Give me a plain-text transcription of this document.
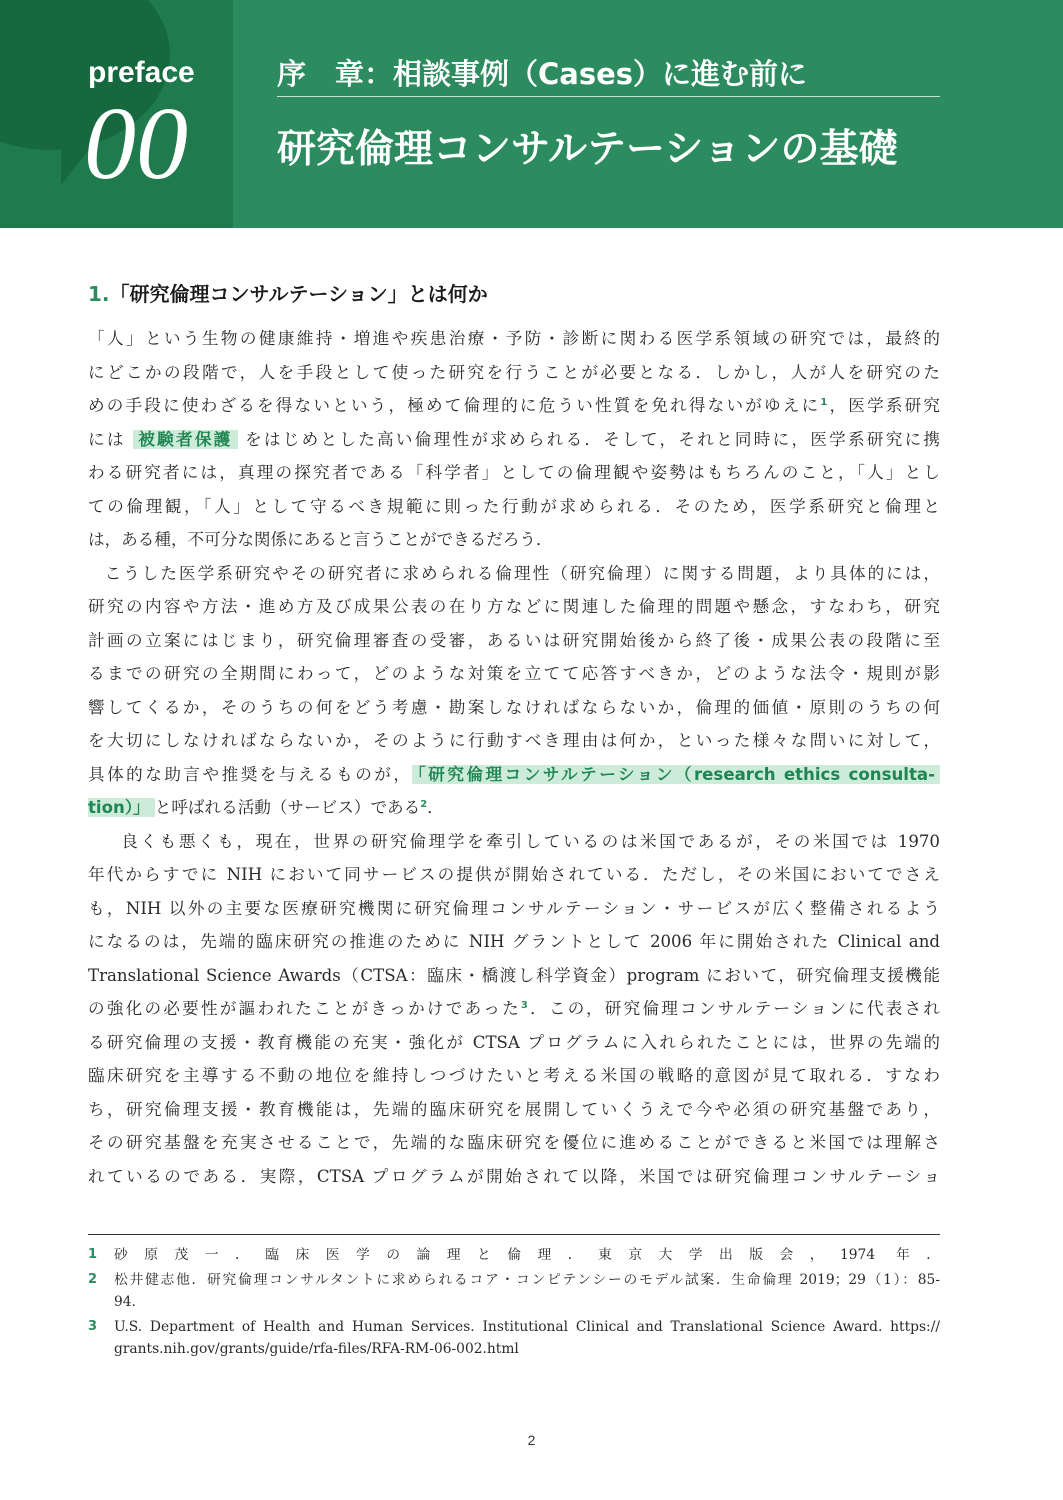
preface
00
序　章：相談事例（Cases）に進む前に
研究倫理コンサルテーションの基礎
1.「研究倫理コンサルテーション」とは何か
「人」という生物の健康維持・増進や疾患治療・予防・診断に関わる医学系領域の研究では，最終的
にどこかの段階で，人を手段として使った研究を行うことが必要となる．しかし，人が人を研究のた
めの手段に使わざるを得ないという，極めて倫理的に危うい性質を免れ得ないがゆえに$^1$，医学系研究
には 被験者保護 をはじめとした高い倫理性が求められる．そして，それと同時に，医学系研究に携
わる研究者には，真理の探究者である「科学者」としての倫理観や姿勢はもちろんのこと，「人」とし
ての倫理観，「人」として守るべき規範に則った行動が求められる．そのため，医学系研究と倫理と
は，ある種，不可分な関係にあると言うことができるだろう．
こうした医学系研究やその研究者に求められる倫理性（研究倫理）に関する問題，より具体的には，
研究の内容や方法・進め方及び成果公表の在り方などに関連した倫理的問題や懸念，すなわち，研究
計画の立案にはじまり，研究倫理審査の受審，あるいは研究開始後から終了後・成果公表の段階に至
るまでの研究の全期間にわって，どのような対策を立てて応答すべきか，どのような法令・規則が影
響してくるか，そのうちの何をどう考慮・勘案しなければならないか，倫理的価値・原則のうちの何
を大切にしなければならないか，そのように行動すべき理由は何か，といった様々な問いに対して，
具体的な助言や推奨を与えるものが， 「研究倫理コンサルテーション（research ethics consulta-
tion）」 と呼ばれる活動（サービス）である$^2$．
良くも悪くも，現在，世界の研究倫理学を牽引しているのは米国であるが，その米国では 1970
年代からすでに NIH において同サービスの提供が開始されている．ただし，その米国においてでさえ
も，NIH 以外の主要な医療研究機関に研究倫理コンサルテーション・サービスが広く整備されるよう
になるのは，先端的臨床研究の推進のために NIH グラントとして 2006 年に開始された Clinical and
Translational Science Awards（CTSA：臨床・橋渡し科学資金）program において，研究倫理支援機能
の強化の必要性が謳われたことがきっかけであった$^3$．この，研究倫理コンサルテーションに代表され
る研究倫理の支援・教育機能の充実・強化が CTSA プログラムに入れられたことには，世界の先端的
臨床研究を主導する不動の地位を維持しつづけたいと考える米国の戦略的意図が見て取れる．すなわ
ち，研究倫理支援・教育機能は，先端的臨床研究を展開していくうえで今や必須の研究基盤であり，
その研究基盤を充実させることで，先端的な臨床研究を優位に進めることができると米国では理解さ
れているのである．実際，CTSA プログラムが開始されて以降，米国では研究倫理コンサルテーショ
1 砂原茂一．臨床医学の論理と倫理．東京大学出版会，1974 年．
2 松井健志他．研究倫理コンサルタントに求められるコア・コンピテンシーのモデル試案．生命倫理 2019；29（1）：85-
94.
3 U.S. Department of Health and Human Services. Institutional Clinical and Translational Science Award. https://
grants.nih.gov/grants/guide/rfa-files/RFA-RM-06-002.html
2
